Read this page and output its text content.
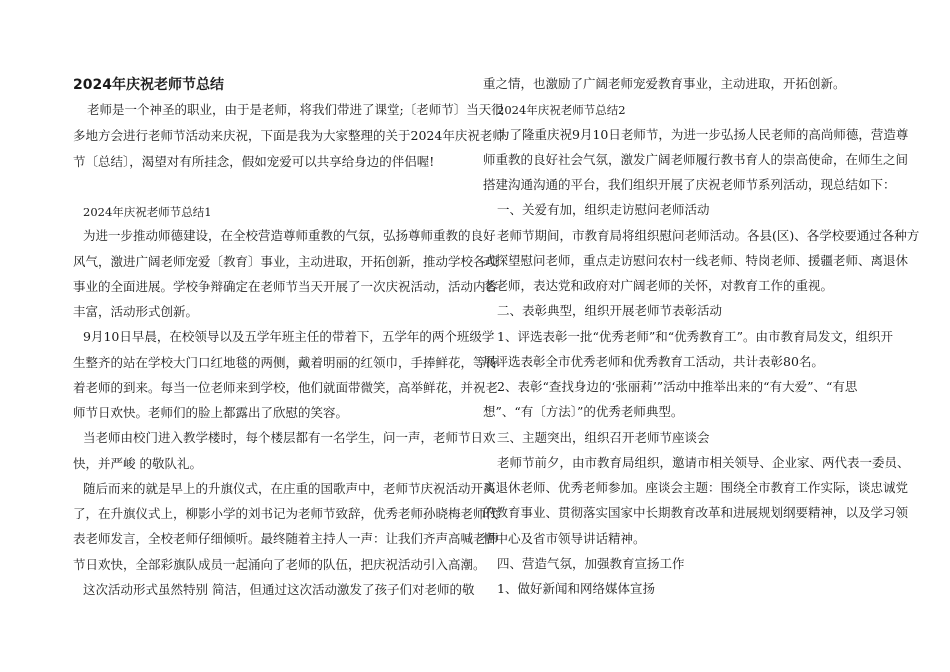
2024年庆祝老师节总结
老师是一个神圣的职业，由于是老师，将我们带进了课堂;〔老师节〕当天很
多地方会进行老师节活动来庆祝，下面是我为大家整理的关于2024年庆祝老师
节〔总结〕，渴望对有所挂念，假如宠爱可以共享给身边的伴侣喔!
2024年庆祝老师节总结1
为进一步推动师德建设，在全校营造尊师重教的气氛，弘扬尊师重教的良好
风气，激进广阔老师宠爱〔教育〕事业，主动进取，开拓创新，推动学校各项
事业的全面进展。学校争辩确定在老师节当天开展了一次庆祝活动，活动内容
丰富，活动形式创新。
9月10日早晨，在校领导以及五学年班主任的带着下，五学年的两个班级学
生整齐的站在学校大门口红地毯的两侧，戴着明丽的红领巾，手捧鲜花，等待
着老师的到来。每当一位老师来到学校，他们就面带微笑，高举鲜花，并祝老
师节日欢快。老师们的脸上都露出了欣慰的笑容。
当老师由校门进入教学楼时，每个楼层都有一名学生，问一声，老师节日欢
快，并严峻 的敬队礼。
随后而来的就是早上的升旗仪式，在庄重的国歌声中，老师节庆祝活动开头
了，在升旗仪式上，柳影小学的刘书记为老师节致辞，优秀老师孙晓梅老师代
表老师发言，全校老师仔细倾听。最终随着主持人一声：让我们齐声高喊老师
节日欢快，全部彩旗队成员一起涌向了老师的队伍，把庆祝活动引入高潮。
这次活动形式虽然特别 简洁，但通过这次活动激发了孩子们对老师的敬
重之情，也激励了广阔老师宠爱教育事业，主动进取，开拓创新。
2024年庆祝老师节总结2
为了隆重庆祝9月10日老师节，为进一步弘扬人民老师的高尚师德，营造尊
师重教的良好社会气氛，激发广阔老师履行教书育人的崇高使命，在师生之间
搭建沟通沟通的平台，我们组织开展了庆祝老师节系列活动，现总结如下：
一、关爱有加，组织走访慰问老师活动
老师节期间，市教育局将组织慰问老师活动。各县(区)、各学校要通过各种方
式探望慰问老师，重点走访慰问农村一线老师、特岗老师、援疆老师、离退休
老老师，表达党和政府对广阔老师的关怀，对教育工作的重视。
二、表彰典型，组织开展老师节表彰活动
1、评选表彰一批“优秀老师”和“优秀教育工”。由市教育局发文，组织开
展评选表彰全市优秀老师和优秀教育工活动，共计表彰80名。
2、表彰“查找身边的‘张丽莉’”活动中推举出来的“有大爱”、“有思
想”、“有〔方法〕”的优秀老师典型。
三、主题突出，组织召开老师节座谈会
老师节前夕，由市教育局组织，邀请市相关领导、企业家、两代表一委员、
离退休老师、优秀老师参加。座谈会主题：围绕全市教育工作实际，谈忠诚党
的教育事业、贯彻落实国家中长期教育改革和进展规划纲要精神，以及学习领
悟中心及省市领导讲话精神。
四、营造气氛，加强教育宣扬工作
1、做好新闻和网络媒体宣扬
